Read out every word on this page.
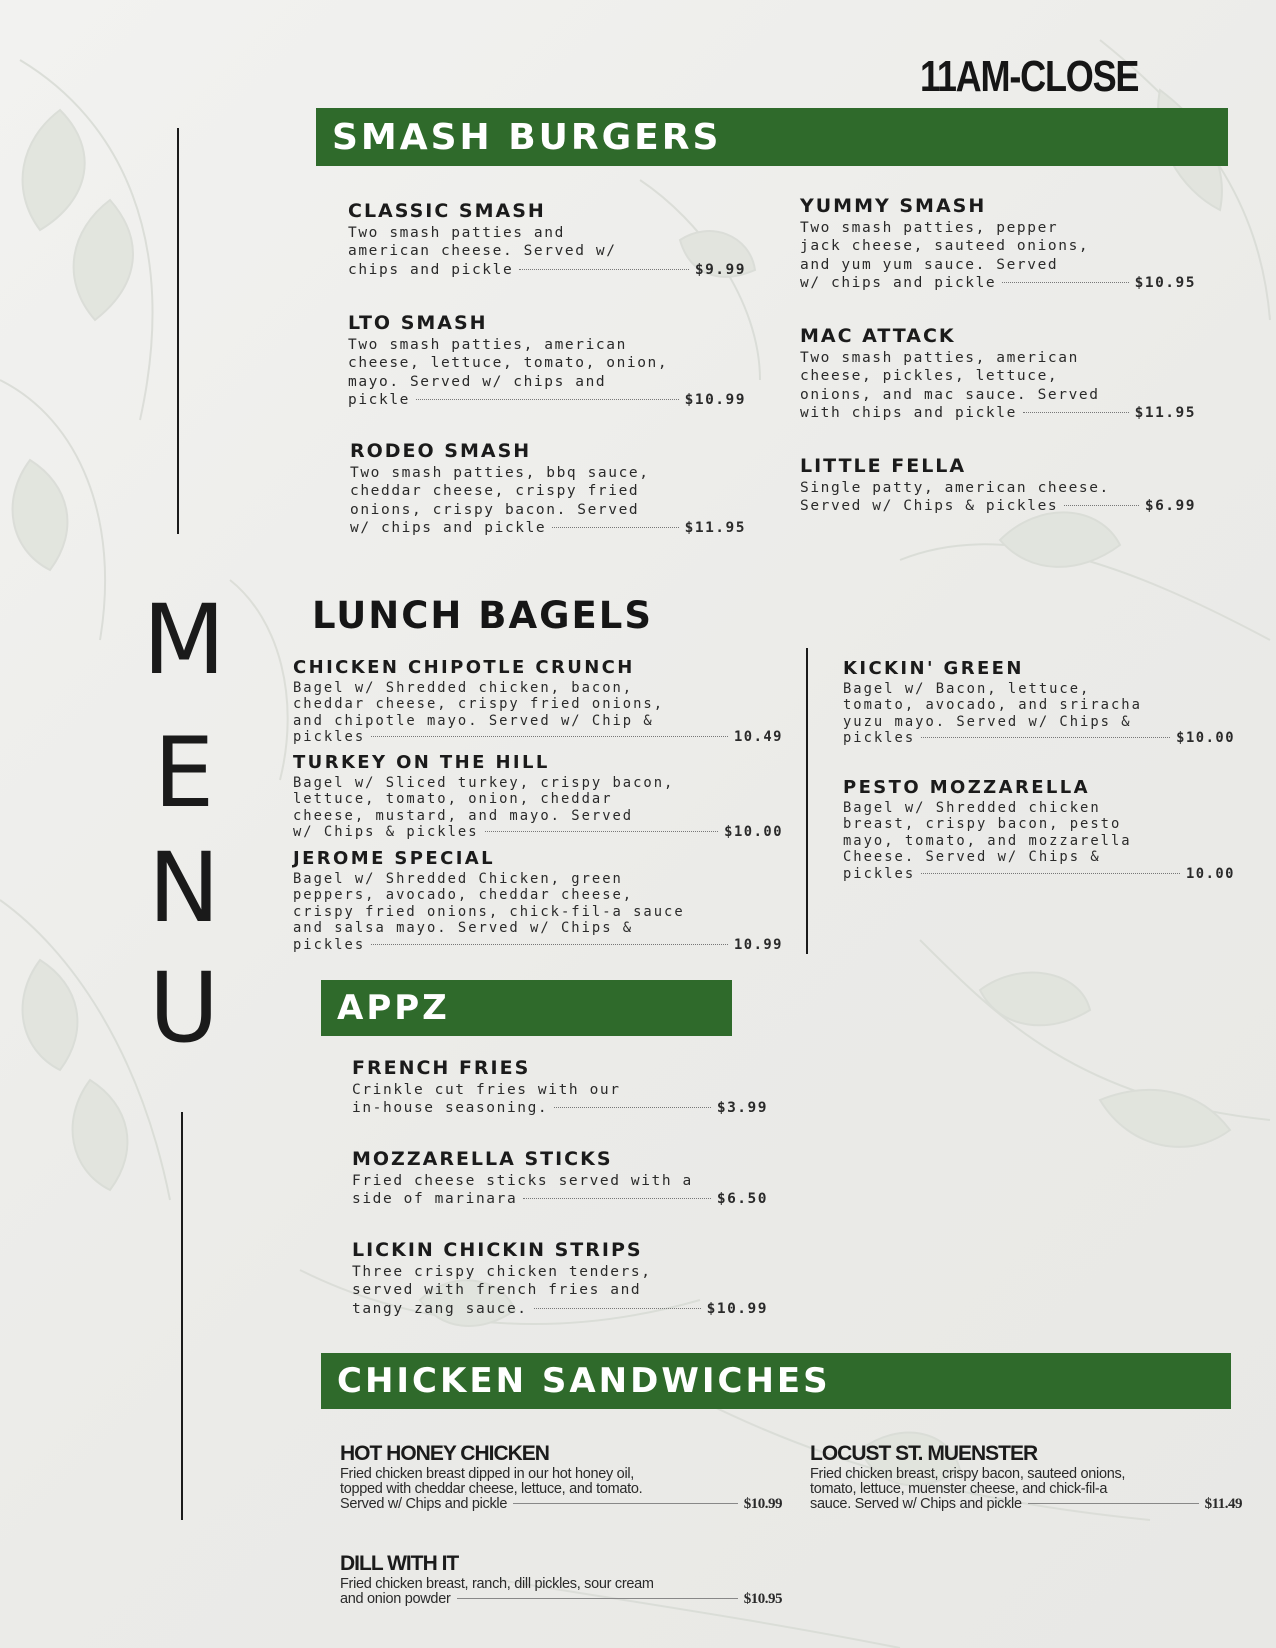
11AM-CLOSE
M
E
N
U
SMASH BURGERS
CLASSIC SMASH
Two smash patties and
american cheese. Served w/
chips and pickle	$9.99
LTO SMASH
Two smash patties, american
cheese, lettuce, tomato, onion,
mayo. Served w/ chips and
pickle	$10.99
RODEO SMASH
Two smash patties, bbq sauce,
cheddar cheese, crispy fried
onions, crispy bacon. Served
w/ chips and pickle	$11.95
YUMMY SMASH
Two smash patties, pepper
jack cheese, sauteed onions,
and yum yum sauce. Served
w/ chips and pickle	$10.95
MAC ATTACK
Two smash patties, american
cheese, pickles, lettuce,
onions, and mac sauce. Served
with chips and pickle	$11.95
LITTLE FELLA
Single patty, american cheese.
Served w/ Chips & pickles	$6.99
LUNCH BAGELS
CHICKEN CHIPOTLE CRUNCH
Bagel w/ Shredded chicken, bacon,
cheddar cheese, crispy fried onions,
and chipotle mayo. Served w/ Chip &
pickles	10.49
TURKEY ON THE HILL
Bagel w/ Sliced turkey, crispy bacon,
lettuce, tomato, onion, cheddar
cheese, mustard, and mayo. Served
w/ Chips & pickles	$10.00
JEROME SPECIAL
Bagel w/ Shredded Chicken, green
peppers, avocado, cheddar cheese,
crispy fried onions, chick-fil-a sauce
and salsa mayo. Served w/ Chips &
pickles	10.99
KICKIN' GREEN
Bagel w/ Bacon, lettuce,
tomato, avocado, and sriracha
yuzu mayo. Served w/ Chips &
pickles	$10.00
PESTO MOZZARELLA
Bagel w/ Shredded chicken
breast, crispy bacon, pesto
mayo, tomato, and mozzarella
Cheese. Served w/ Chips &
pickles	10.00
APPZ
FRENCH FRIES
Crinkle cut fries with our
in-house seasoning.	$3.99
MOZZARELLA STICKS
Fried cheese sticks served with a
side of marinara	$6.50
LICKIN CHICKIN STRIPS
Three crispy chicken tenders,
served with french fries and
tangy zang sauce.	$10.99
CHICKEN SANDWICHES
HOT HONEY CHICKEN
Fried chicken breast dipped in our hot honey oil,
topped with cheddar cheese, lettuce, and tomato.
Served w/ Chips and pickle	$10.99
LOCUST ST. MUENSTER
Fried chicken breast, crispy bacon, sauteed onions,
tomato, lettuce, muenster cheese, and chick-fil-a
sauce. Served w/ Chips and pickle	$11.49
DILL WITH IT
Fried chicken breast, ranch, dill pickles, sour cream
and onion powder	$10.95
